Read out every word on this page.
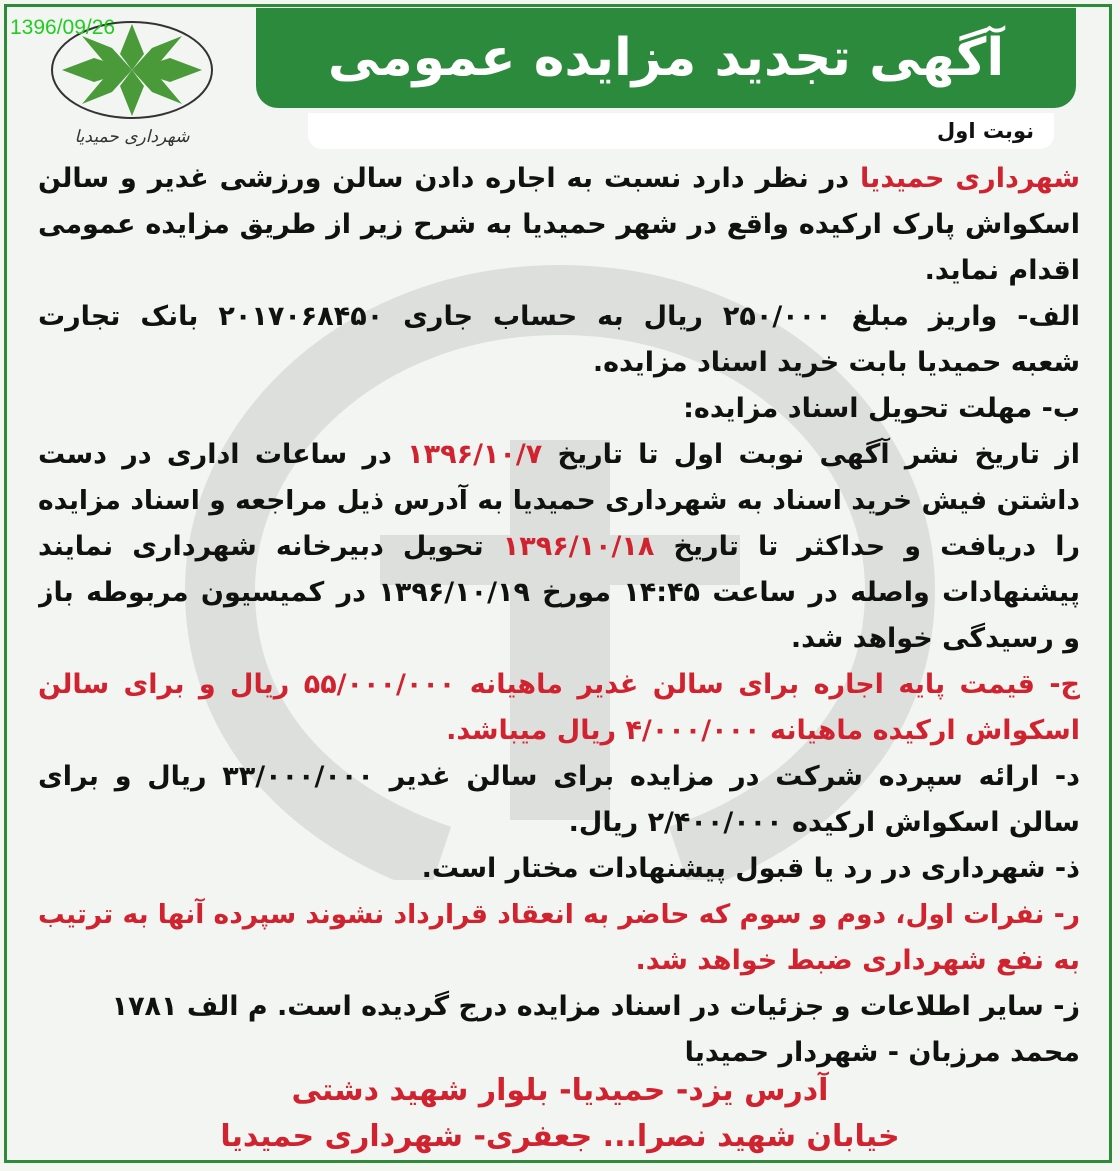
1396/09/26
شهرداری حمیدیا
آگهی تجدید مزایده عمومی
نوبت اول
شهرداری حمیدیا در نظر دارد نسبت به اجاره دادن سالن ورزشی غدیر و سالن
اسکواش پارک ارکیده واقع در شهر حمیدیا به شرح زیر از طریق مزایده عمومی
اقدام نماید.
الف- واریز مبلغ ۲۵۰/۰۰۰ ریال به حساب جاری ۲۰۱۷۰۶۸۴۵۰ بانک تجارت
شعبه حمیدیا بابت خرید اسناد مزایده.
ب- مهلت تحویل اسناد مزایده:
از تاریخ نشر آگهی نوبت اول تا تاریخ ۱۳۹۶/۱۰/۷ در ساعات اداری در دست
داشتن فیش خرید اسناد به شهرداری حمیدیا به آدرس ذیل مراجعه و اسناد مزایده
را دریافت و حداکثر تا تاریخ ۱۳۹۶/۱۰/۱۸ تحویل دبیرخانه شهرداری نمایند
پیشنهادات واصله در ساعت ۱۴:۴۵ مورخ ۱۳۹۶/۱۰/۱۹ در کمیسیون مربوطه باز
و رسیدگی خواهد شد.
ج- قیمت پایه اجاره برای سالن غدیر ماهیانه ۵۵/۰۰۰/۰۰۰ ریال و برای سالن
اسکواش ارکیده ماهیانه ۴/۰۰۰/۰۰۰ ریال میباشد.
د- ارائه سپرده شرکت در مزایده برای سالن غدیر ۳۳/۰۰۰/۰۰۰ ریال و برای
سالن اسکواش ارکیده ۲/۴۰۰/۰۰۰ ریال.
ذ- شهرداری در رد یا قبول پیشنهادات مختار است.
ر- نفرات اول، دوم و سوم که حاضر به انعقاد قرارداد نشوند سپرده آنها به ترتیب
به نفع شهرداری ضبط خواهد شد.
ز- سایر اطلاعات و جزئیات در اسناد مزایده درج گردیده است. م الف ۱۷۸۱
محمد مرزبان - شهردار حمیدیا
آدرس یزد- حمیدیا- بلوار شهید دشتی
خیابان شهید نصرا... جعفری- شهرداری حمیدیا
